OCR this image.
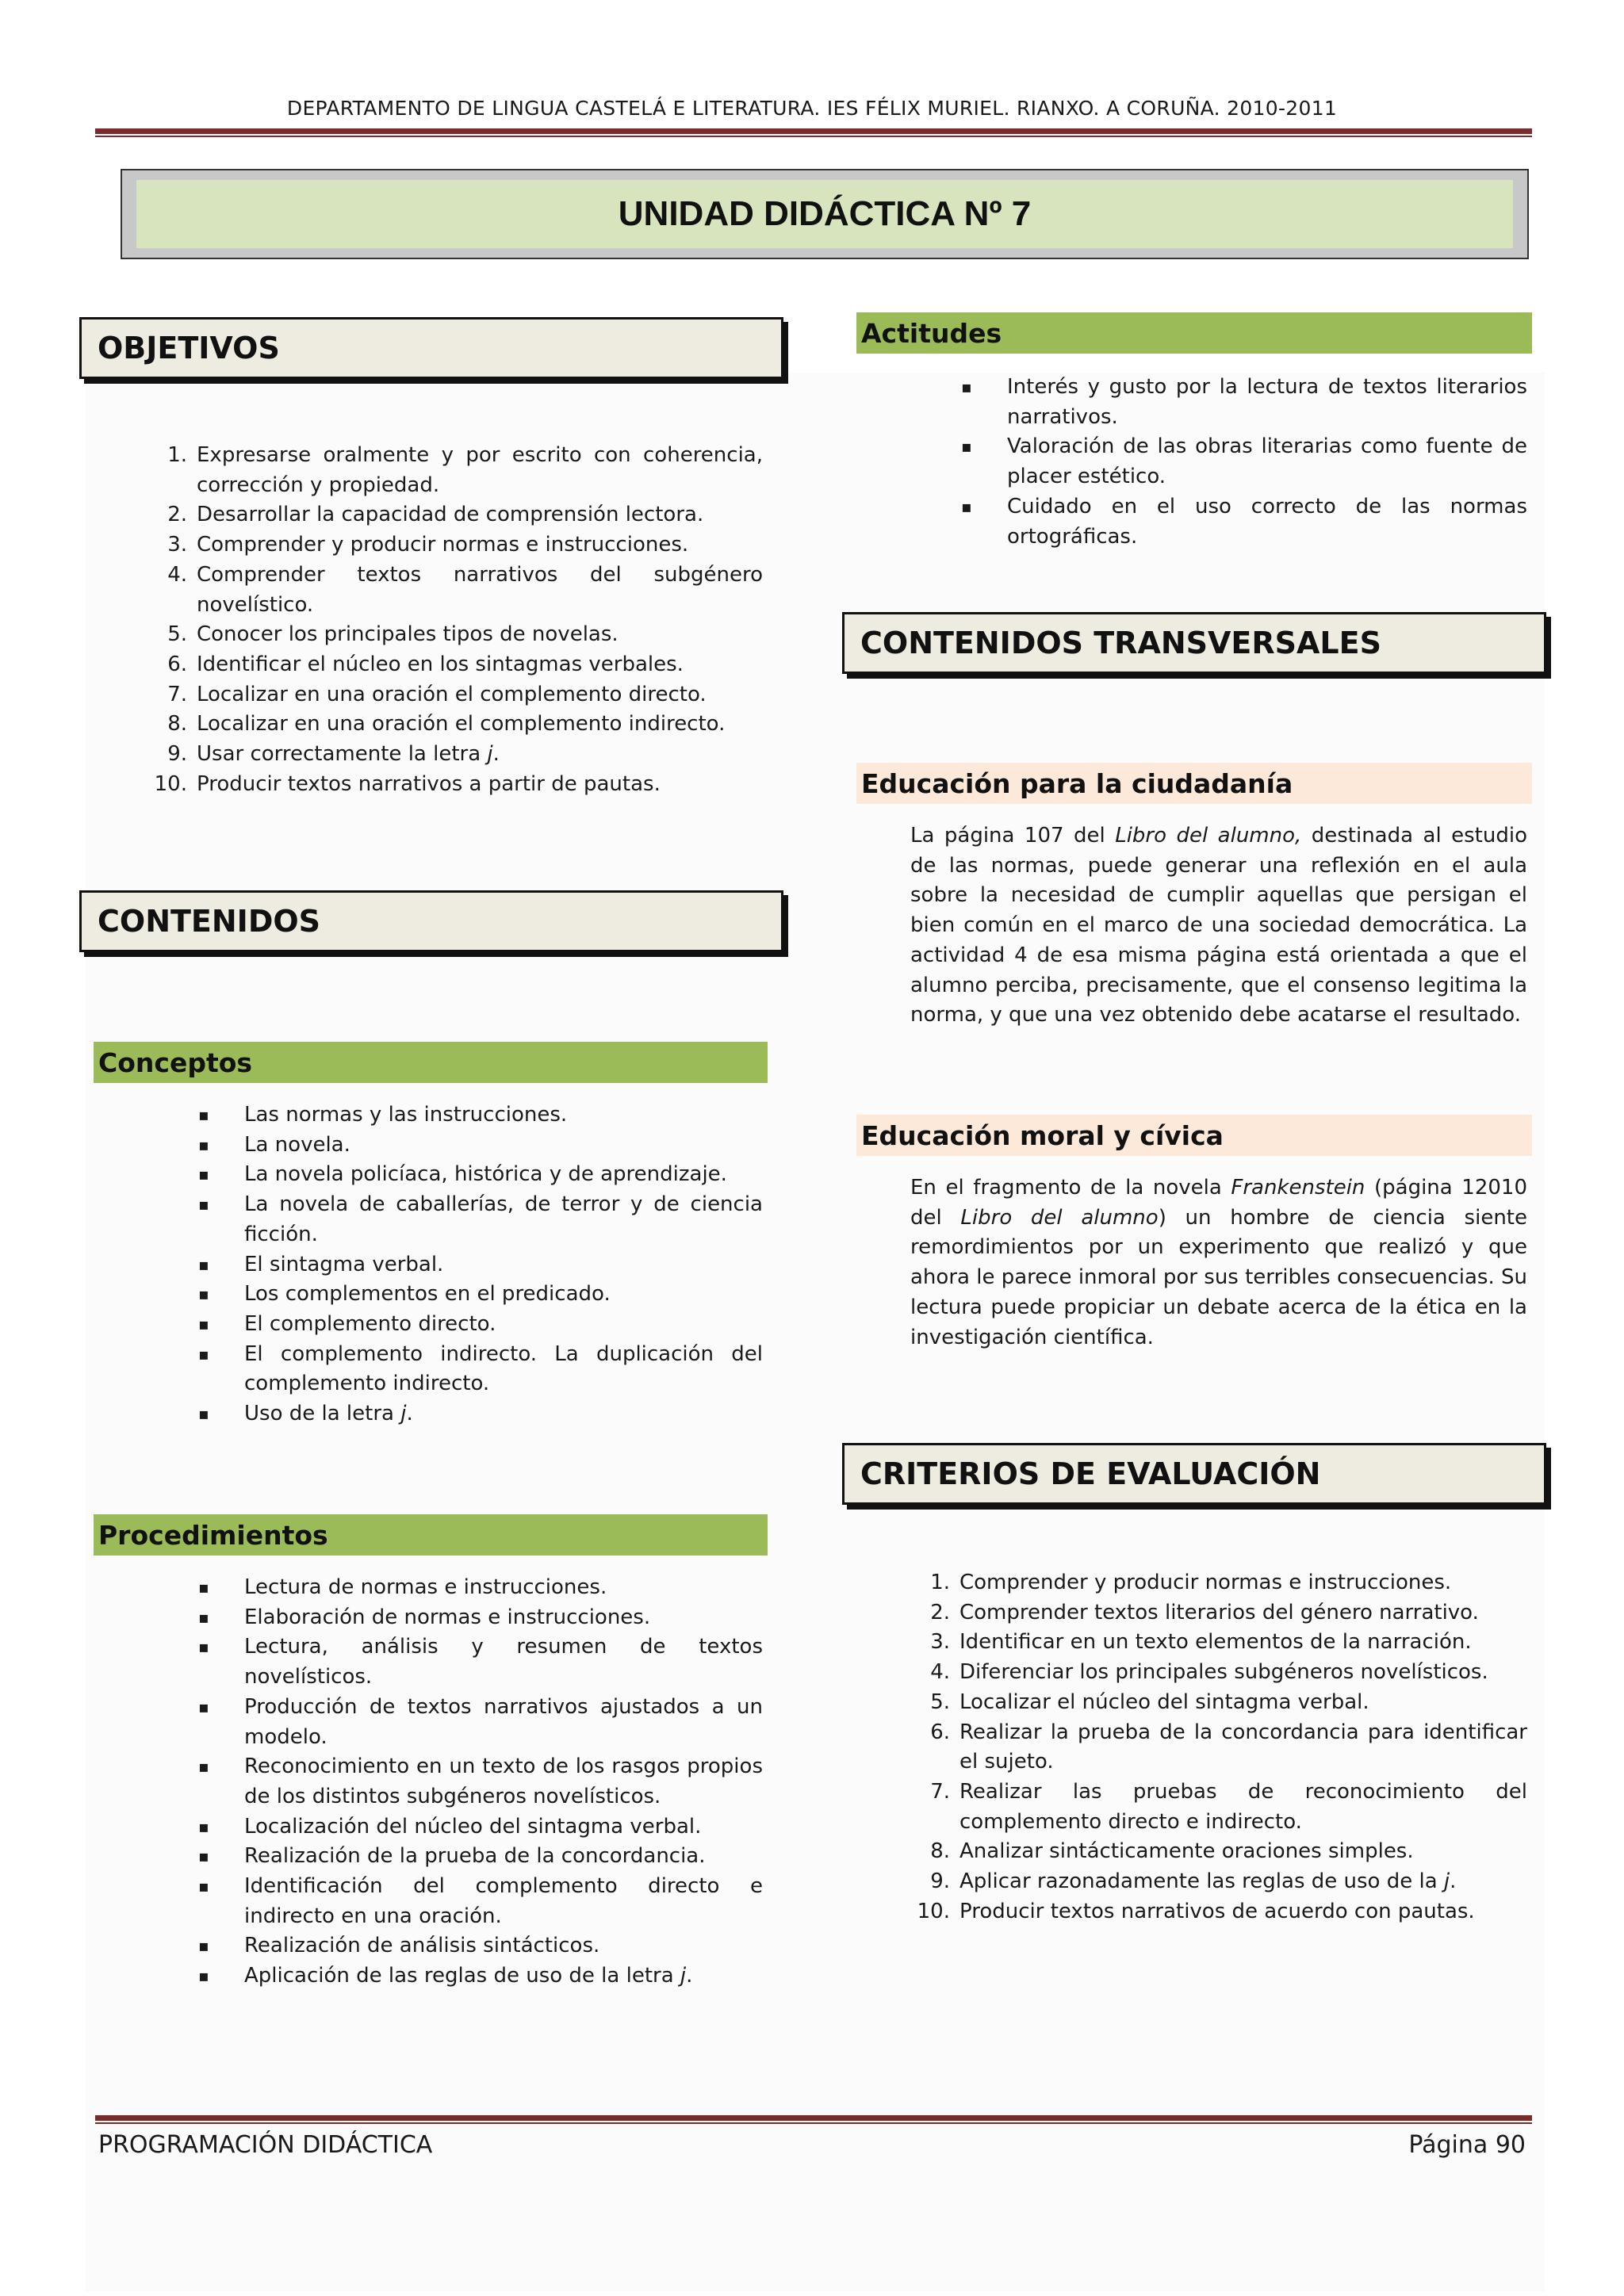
DEPARTAMENTO DE LINGUA CASTELÁ E LITERATURA. IES FÉLIX MURIEL. RIANXO. A CORUÑA. 2010-2011
UNIDAD DIDÁCTICA Nº 7
OBJETIVOS
1. Expresarse oralmente y por escrito con coherencia, corrección y propiedad.
2. Desarrollar la capacidad de comprensión lectora.
3. Comprender y producir normas e instrucciones.
4. Comprender textos narrativos del subgénero novelístico.
5. Conocer los principales tipos de novelas.
6. Identificar el núcleo en los sintagmas verbales.
7. Localizar en una oración el complemento directo.
8. Localizar en una oración el complemento indirecto.
9. Usar correctamente la letra j.
10. Producir textos narrativos a partir de pautas.
CONTENIDOS
Conceptos
▪ Las normas y las instrucciones.
▪ La novela.
▪ La novela policíaca, histórica y de aprendizaje.
▪ La novela de caballerías, de terror y de ciencia ficción.
▪ El sintagma verbal.
▪ Los complementos en el predicado.
▪ El complemento directo.
▪ El complemento indirecto. La duplicación del complemento indirecto.
▪ Uso de la letra j.
Procedimientos
▪ Lectura de normas e instrucciones.
▪ Elaboración de normas e instrucciones.
▪ Lectura, análisis y resumen de textos novelísticos.
▪ Producción de textos narrativos ajustados a un modelo.
▪ Reconocimiento en un texto de los rasgos propios de los distintos subgéneros novelísticos.
▪ Localización del núcleo del sintagma verbal.
▪ Realización de la prueba de la concordancia.
▪ Identificación del complemento directo e indirecto en una oración.
▪ Realización de análisis sintácticos.
▪ Aplicación de las reglas de uso de la letra j.
Actitudes
▪ Interés y gusto por la lectura de textos literarios narrativos.
▪ Valoración de las obras literarias como fuente de placer estético.
▪ Cuidado en el uso correcto de las normas ortográficas.
CONTENIDOS TRANSVERSALES
Educación para la ciudadanía

La página 107 del Libro del alumno, destinada al estudio de las normas, puede generar una reflexión en el aula sobre la necesidad de cumplir aquellas que persigan el bien común en el marco de una sociedad democrática. La actividad 4 de esa misma página está orientada a que el alumno perciba, precisamente, que el consenso legitima la norma, y que una vez obtenido debe acatarse el resultado.

Educación moral y cívica

En el fragmento de la novela Frankenstein (página 12010 del Libro del alumno) un hombre de ciencia siente remordimientos por un experimento que realizó y que ahora le parece inmoral por sus terribles consecuencias. Su lectura puede propiciar un debate acerca de la ética en la investigación científica.

CRITERIOS DE EVALUACIÓN
1. Comprender y producir normas e instrucciones.
2. Comprender textos literarios del género narrativo.
3. Identificar en un texto elementos de la narración.
4. Diferenciar los principales subgéneros novelísticos.
5. Localizar el núcleo del sintagma verbal.
6. Realizar la prueba de la concordancia para identificar el sujeto.
7. Realizar las pruebas de reconocimiento del complemento directo e indirecto.
8. Analizar sintácticamente oraciones simples.
9. Aplicar razonadamente las reglas de uso de la j.
10. Producir textos narrativos de acuerdo con pautas.
PROGRAMACIÓN DIDÁCTICA	Página 90
